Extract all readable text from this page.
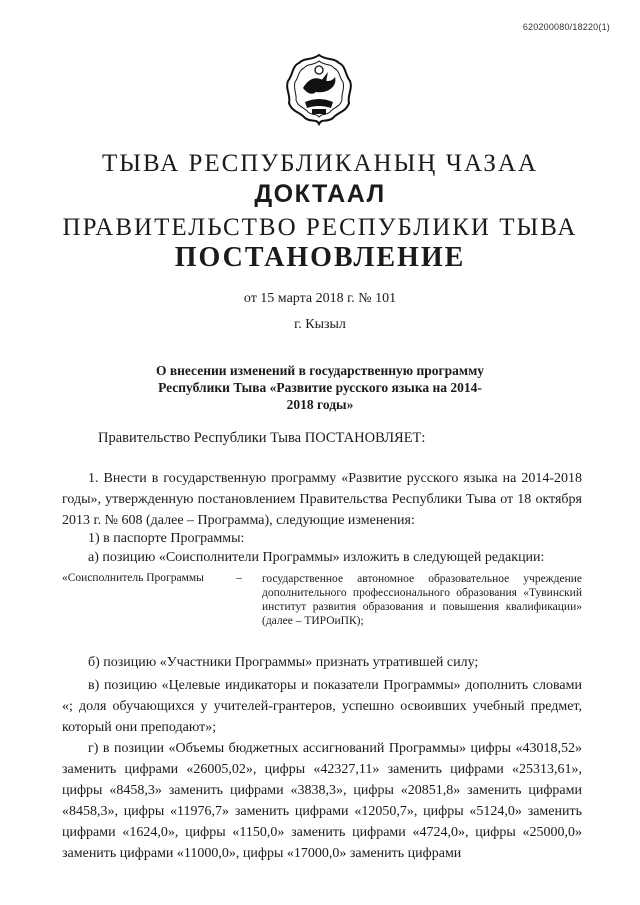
620200080/18220(1)
ТЫВА РЕСПУБЛИКАНЫҢ ЧАЗАА
ДОКТААЛ
ПРАВИТЕЛЬСТВО РЕСПУБЛИКИ ТЫВА
ПОСТАНОВЛЕНИЕ
от 15 марта 2018 г. № 101
г. Кызыл
О внесении изменений в государственную программу Республики Тыва «Развитие русского языка на 2014-2018 годы»
Правительство Республики Тыва ПОСТАНОВЛЯЕТ:

1. Внести в государственную программу «Развитие русского языка на 2014-2018 годы», утвержденную постановлением Правительства Республики Тыва от 18 октября 2013 г. № 608 (далее – Программа), следующие изменения:

1) в паспорте Программы:
а) позицию «Соисполнители Программы» изложить в следующей редакции:
«Соисполнитель Программы	– государственное автономное образовательное учреждение дополнительного профессионального образования «Тувинский институт развития образования и повышения квалификации» (далее – ТИРОиПК);

б) позицию «Участники Программы» признать утратившей силу;

в) позицию «Целевые индикаторы и показатели Программы» дополнить словами «; доля обучающихся у учителей-грантеров, успешно освоивших учебный предмет, который они преподают»;

г) в позиции «Объемы бюджетных ассигнований Программы» цифры «43018,52» заменить цифрами «26005,02», цифры «42327,11» заменить цифрами «25313,61», цифры «8458,3» заменить цифрами «3838,3», цифры «20851,8» заменить цифрами «8458,3», цифры «11976,7» заменить цифрами «12050,7», цифры «5124,0» заменить цифрами «1624,0», цифры «1150,0» заменить цифрами «4724,0», цифры «25000,0» заменить цифрами «11000,0», цифры «17000,0» заменить цифрами
